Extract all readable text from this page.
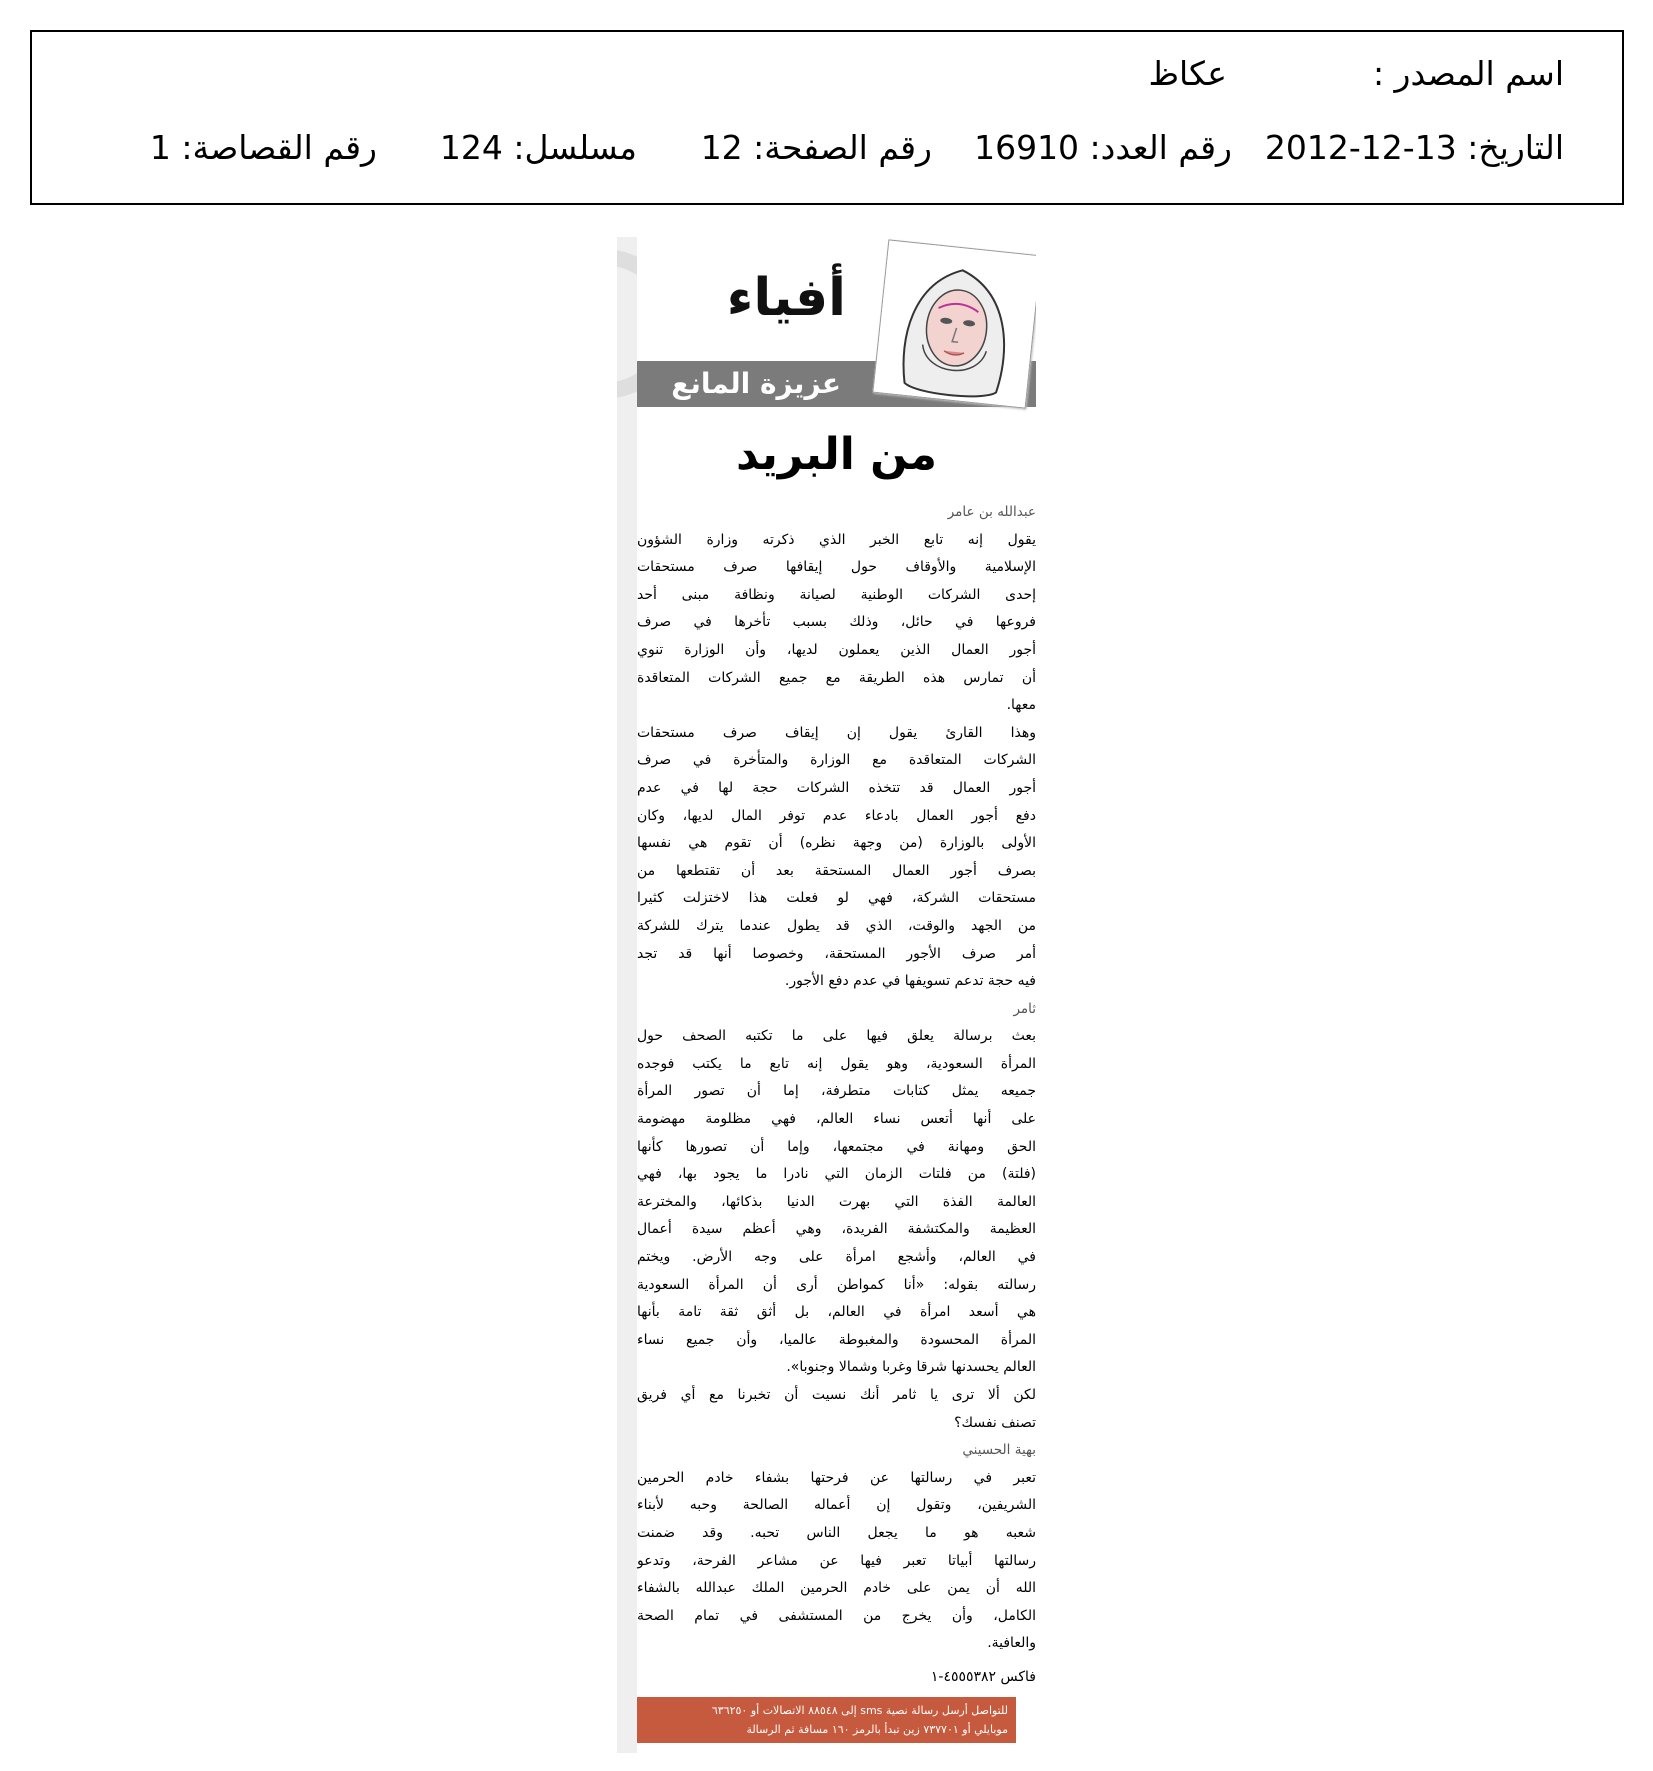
اسم المصدر :
عكاظ
التاريخ: 13-12-2012
رقم العدد: 16910
رقم الصفحة: 12
مسلسل: 124
رقم القصاصة: 1
عزيزة المانع
أفياء
من البريد
عبدالله بن عامر
يقول إنه تابع الخبر الذي ذكرته وزارة الشؤون
الإسلامية والأوقاف حول إيقافها صرف مستحقات
إحدى الشركات الوطنية لصيانة ونظافة مبنى أحد
فروعها في حائل، وذلك بسبب تأخرها في صرف
أجور العمال الذين يعملون لديها، وأن الوزارة تنوي
أن تمارس هذه الطريقة مع جميع الشركات المتعاقدة
معها.
وهذا القارئ يقول إن إيقاف صرف مستحقات
الشركات المتعاقدة مع الوزارة والمتأخرة في صرف
أجور العمال قد تتخذه الشركات حجة لها في عدم
دفع أجور العمال بادعاء عدم توفر المال لديها، وكان
الأولى بالوزارة (من وجهة نظره) أن تقوم هي نفسها
بصرف أجور العمال المستحقة بعد أن تقتطعها من
مستحقات الشركة، فهي لو فعلت هذا لاختزلت كثيرا
من الجهد والوقت، الذي قد يطول عندما يترك للشركة
أمر صرف الأجور المستحقة، وخصوصا أنها قد تجد
فيه حجة تدعم تسويفها في عدم دفع الأجور.
ثامر
بعث برسالة يعلق فيها على ما تكتبه الصحف حول
المرأة السعودية، وهو يقول إنه تابع ما يكتب فوجده
جميعه يمثل كتابات متطرفة، إما أن تصور المرأة
على أنها أتعس نساء العالم، فهي مظلومة مهضومة
الحق ومهانة في مجتمعها، وإما أن تصورها كأنها
(فلتة) من فلتات الزمان التي نادرا ما يجود بها، فهي
العالمة الفذة التي بهرت الدنيا بذكائها، والمخترعة
العظيمة والمكتشفة الفريدة، وهي أعظم سيدة أعمال
في العالم، وأشجع امرأة على وجه الأرض. ويختم
رسالته بقوله: «أنا كمواطن أرى أن المرأة السعودية
هي أسعد امرأة في العالم، بل أثق ثقة تامة بأنها
المرأة المحسودة والمغبوطة عالميا، وأن جميع نساء
العالم يحسدنها شرقا وغربا وشمالا وجنوبا».
لكن ألا ترى يا ثامر أنك نسيت أن تخبرنا مع أي فريق
تصنف نفسك؟
بهية الحسيني
تعبر في رسالتها عن فرحتها بشفاء خادم الحرمين
الشريفين، وتقول إن أعماله الصالحة وحبه لأبناء
شعبه هو ما يجعل الناس تحبه. وقد ضمنت
رسالتها أبياتا تعبر فيها عن مشاعر الفرحة، وتدعو
الله أن يمن على خادم الحرمين الملك عبدالله بالشفاء
الكامل، وأن يخرج من المستشفى في تمام الصحة
والعافية.
فاكس ٤٥٥٥٣٨٢-١
للتواصل أرسل رسالة نصية sms إلى ٨٨٥٤٨ الاتصالات أو ٦٣٦٢٥٠
موبايلي أو ٧٣٧٧٠١ زين تبدأ بالرمز ١٦٠ مسافة ثم الرسالة
